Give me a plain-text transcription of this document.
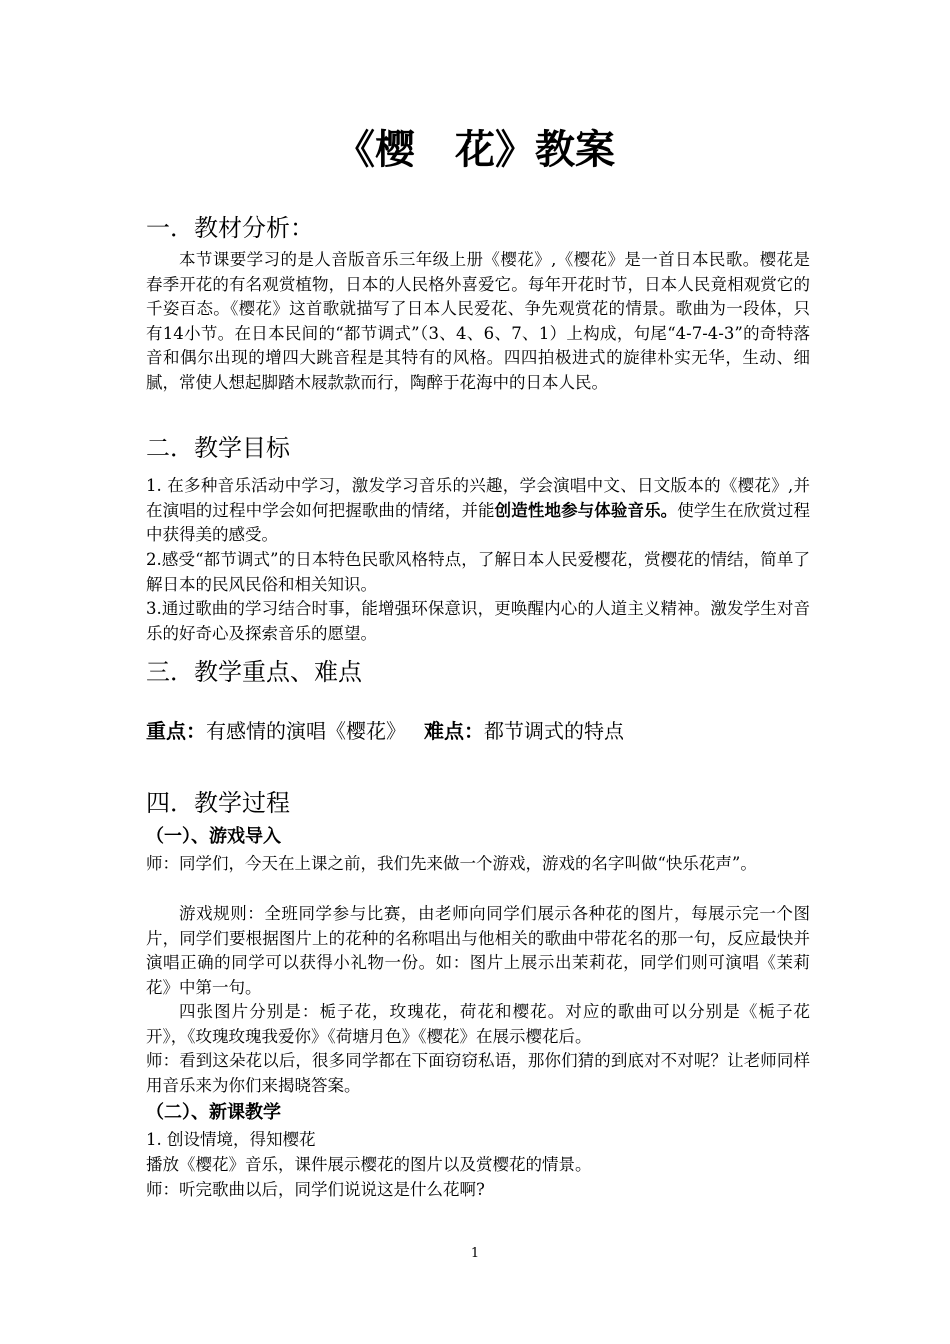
《樱　花》教案
一．教材分析：

本节课要学习的是人音版音乐三年级上册《樱花》,《樱花》是一首日本民歌。樱花是春季开花的有名观赏植物，日本的人民格外喜爱它。每年开花时节，日本人民竟相观赏它的千姿百态。《樱花》这首歌就描写了日本人民爱花、争先观赏花的情景。歌曲为一段体，只有14小节。在日本民间的“都节调式”（3、4、6、7、1）上构成，句尾“4-7-4-3”的奇特落音和偶尔出现的增四大跳音程是其特有的风格。四四拍极进式的旋律朴实无华，生动、细腻，常使人想起脚踏木屐款款而行，陶醉于花海中的日本人民。

二．教学目标

1. 在多种音乐活动中学习，激发学习音乐的兴趣，学会演唱中文、日文版本的《樱花》,并在演唱的过程中学会如何把握歌曲的情绪，并能创造性地参与体验音乐。使学生在欣赏过程中获得美的感受。

2.感受“都节调式”的日本特色民歌风格特点，了解日本人民爱樱花，赏樱花的情结，简单了解日本的民风民俗和相关知识。

3.通过歌曲的学习结合时事，能增强环保意识，更唤醒内心的人道主义精神。激发学生对音乐的好奇心及探索音乐的愿望。

三．教学重点、难点
重点：有感情的演唱《樱花》 难点：都节调式的特点
四．教学过程
（一）、游戏导入

师：同学们，今天在上课之前，我们先来做一个游戏，游戏的名字叫做“快乐花声”。

游戏规则：全班同学参与比赛，由老师向同学们展示各种花的图片，每展示完一个图片，同学们要根据图片上的花种的名称唱出与他相关的歌曲中带花名的那一句，反应最快并演唱正确的同学可以获得小礼物一份。如：图片上展示出茉莉花，同学们则可演唱《茉莉花》中第一句。

四张图片分别是：栀子花，玫瑰花，荷花和樱花。对应的歌曲可以分别是《栀子花开》，《玫瑰玫瑰我爱你》《荷塘月色》《樱花》在展示樱花后。

师：看到这朵花以后，很多同学都在下面窃窃私语，那你们猜的到底对不对呢？让老师同样用音乐来为你们来揭晓答案。

（二）、新课教学

1. 创设情境，得知樱花

播放《樱花》音乐，课件展示樱花的图片以及赏樱花的情景。

师：听完歌曲以后，同学们说说这是什么花啊?

1
